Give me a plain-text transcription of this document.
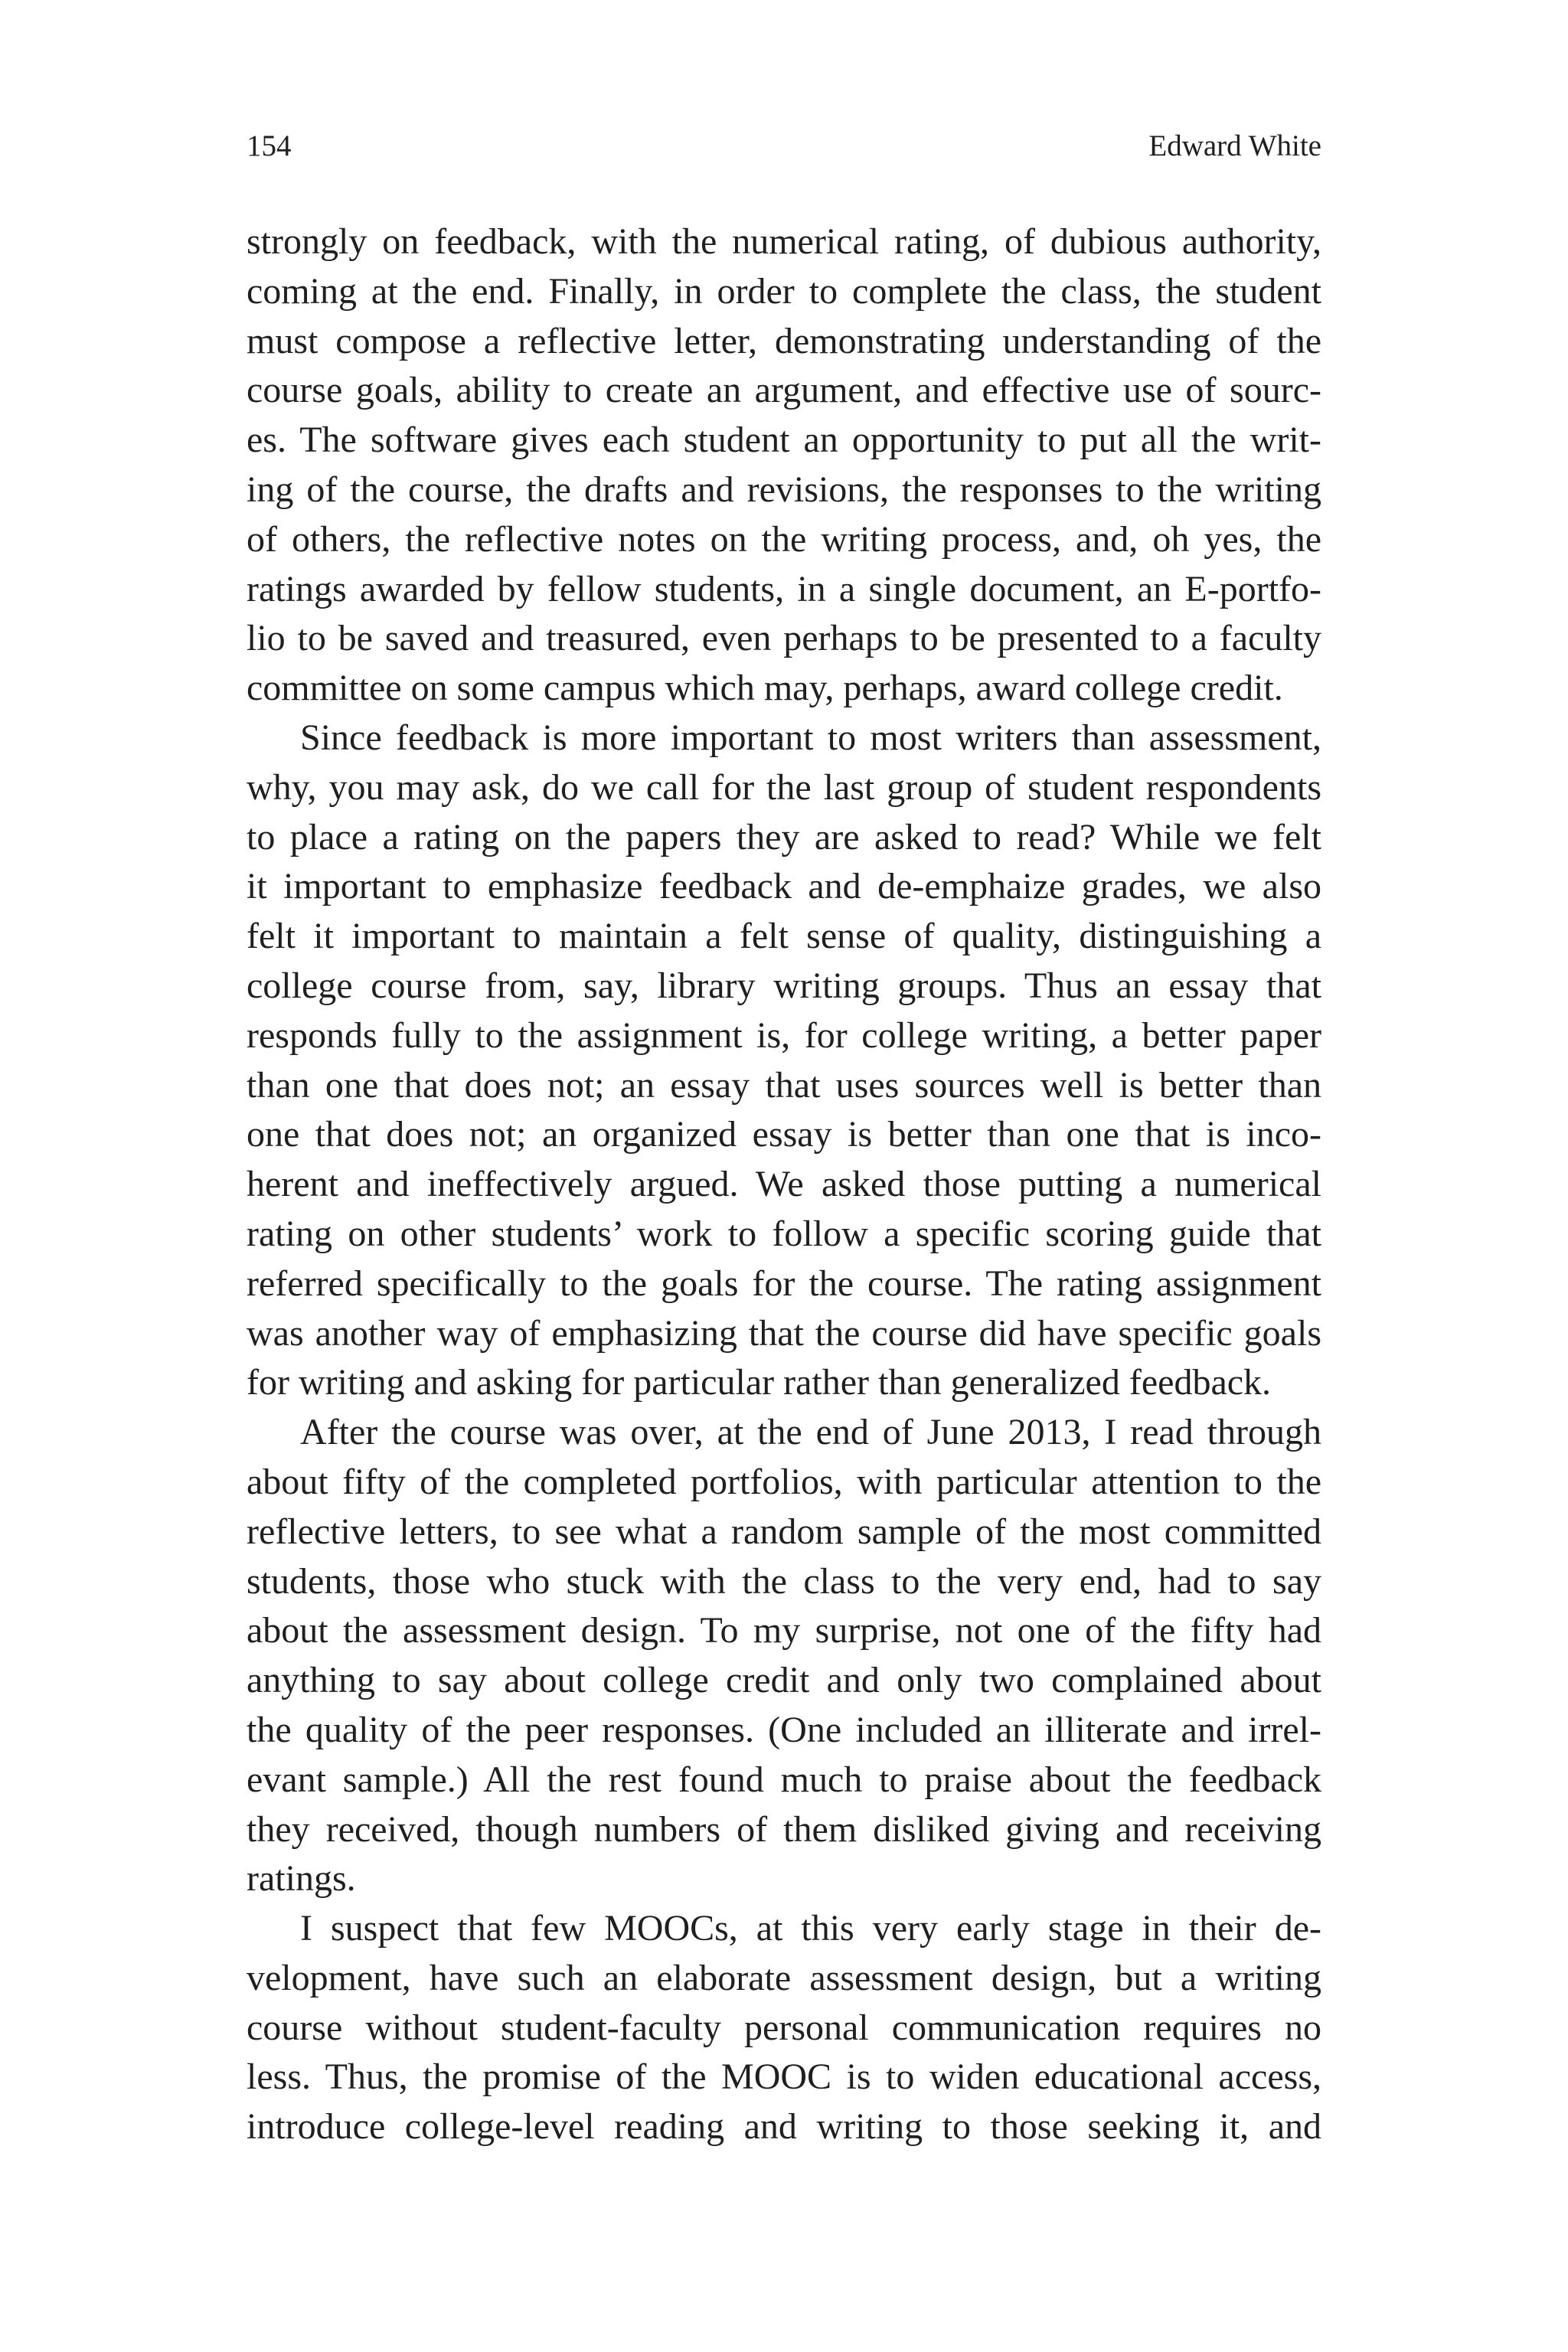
154	Edward White
strongly on feedback, with the numerical rating, of dubious authority,
coming at the end. Finally, in order to complete the class, the student
must compose a reflective letter, demonstrating understanding of the
course goals, ability to create an argument, and effective use of sourc-
es. The software gives each student an opportunity to put all the writ-
ing of the course, the drafts and revisions, the responses to the writing
of others, the reflective notes on the writing process, and, oh yes, the
ratings awarded by fellow students, in a single document, an E-portfo-
lio to be saved and treasured, even perhaps to be presented to a faculty
committee on some campus which may, perhaps, award college credit.
Since feedback is more important to most writers than assessment,
why, you may ask, do we call for the last group of student respondents
to place a rating on the papers they are asked to read? While we felt
it important to emphasize feedback and de-emphaize grades, we also
felt it important to maintain a felt sense of quality, distinguishing a
college course from, say, library writing groups. Thus an essay that
responds fully to the assignment is, for college writing, a better paper
than one that does not; an essay that uses sources well is better than
one that does not; an organized essay is better than one that is inco-
herent and ineffectively argued. We asked those putting a numerical
rating on other students’ work to follow a specific scoring guide that
referred specifically to the goals for the course. The rating assignment
was another way of emphasizing that the course did have specific goals
for writing and asking for particular rather than generalized feedback.
After the course was over, at the end of June 2013, I read through
about fifty of the completed portfolios, with particular attention to the
reflective letters, to see what a random sample of the most committed
students, those who stuck with the class to the very end, had to say
about the assessment design. To my surprise, not one of the fifty had
anything to say about college credit and only two complained about
the quality of the peer responses. (One included an illiterate and irrel-
evant sample.) All the rest found much to praise about the feedback
they received, though numbers of them disliked giving and receiving
ratings.
I suspect that few MOOCs, at this very early stage in their de-
velopment, have such an elaborate assessment design, but a writing
course without student-faculty personal communication requires no
less. Thus, the promise of the MOOC is to widen educational access,
introduce college-level reading and writing to those seeking it, and
